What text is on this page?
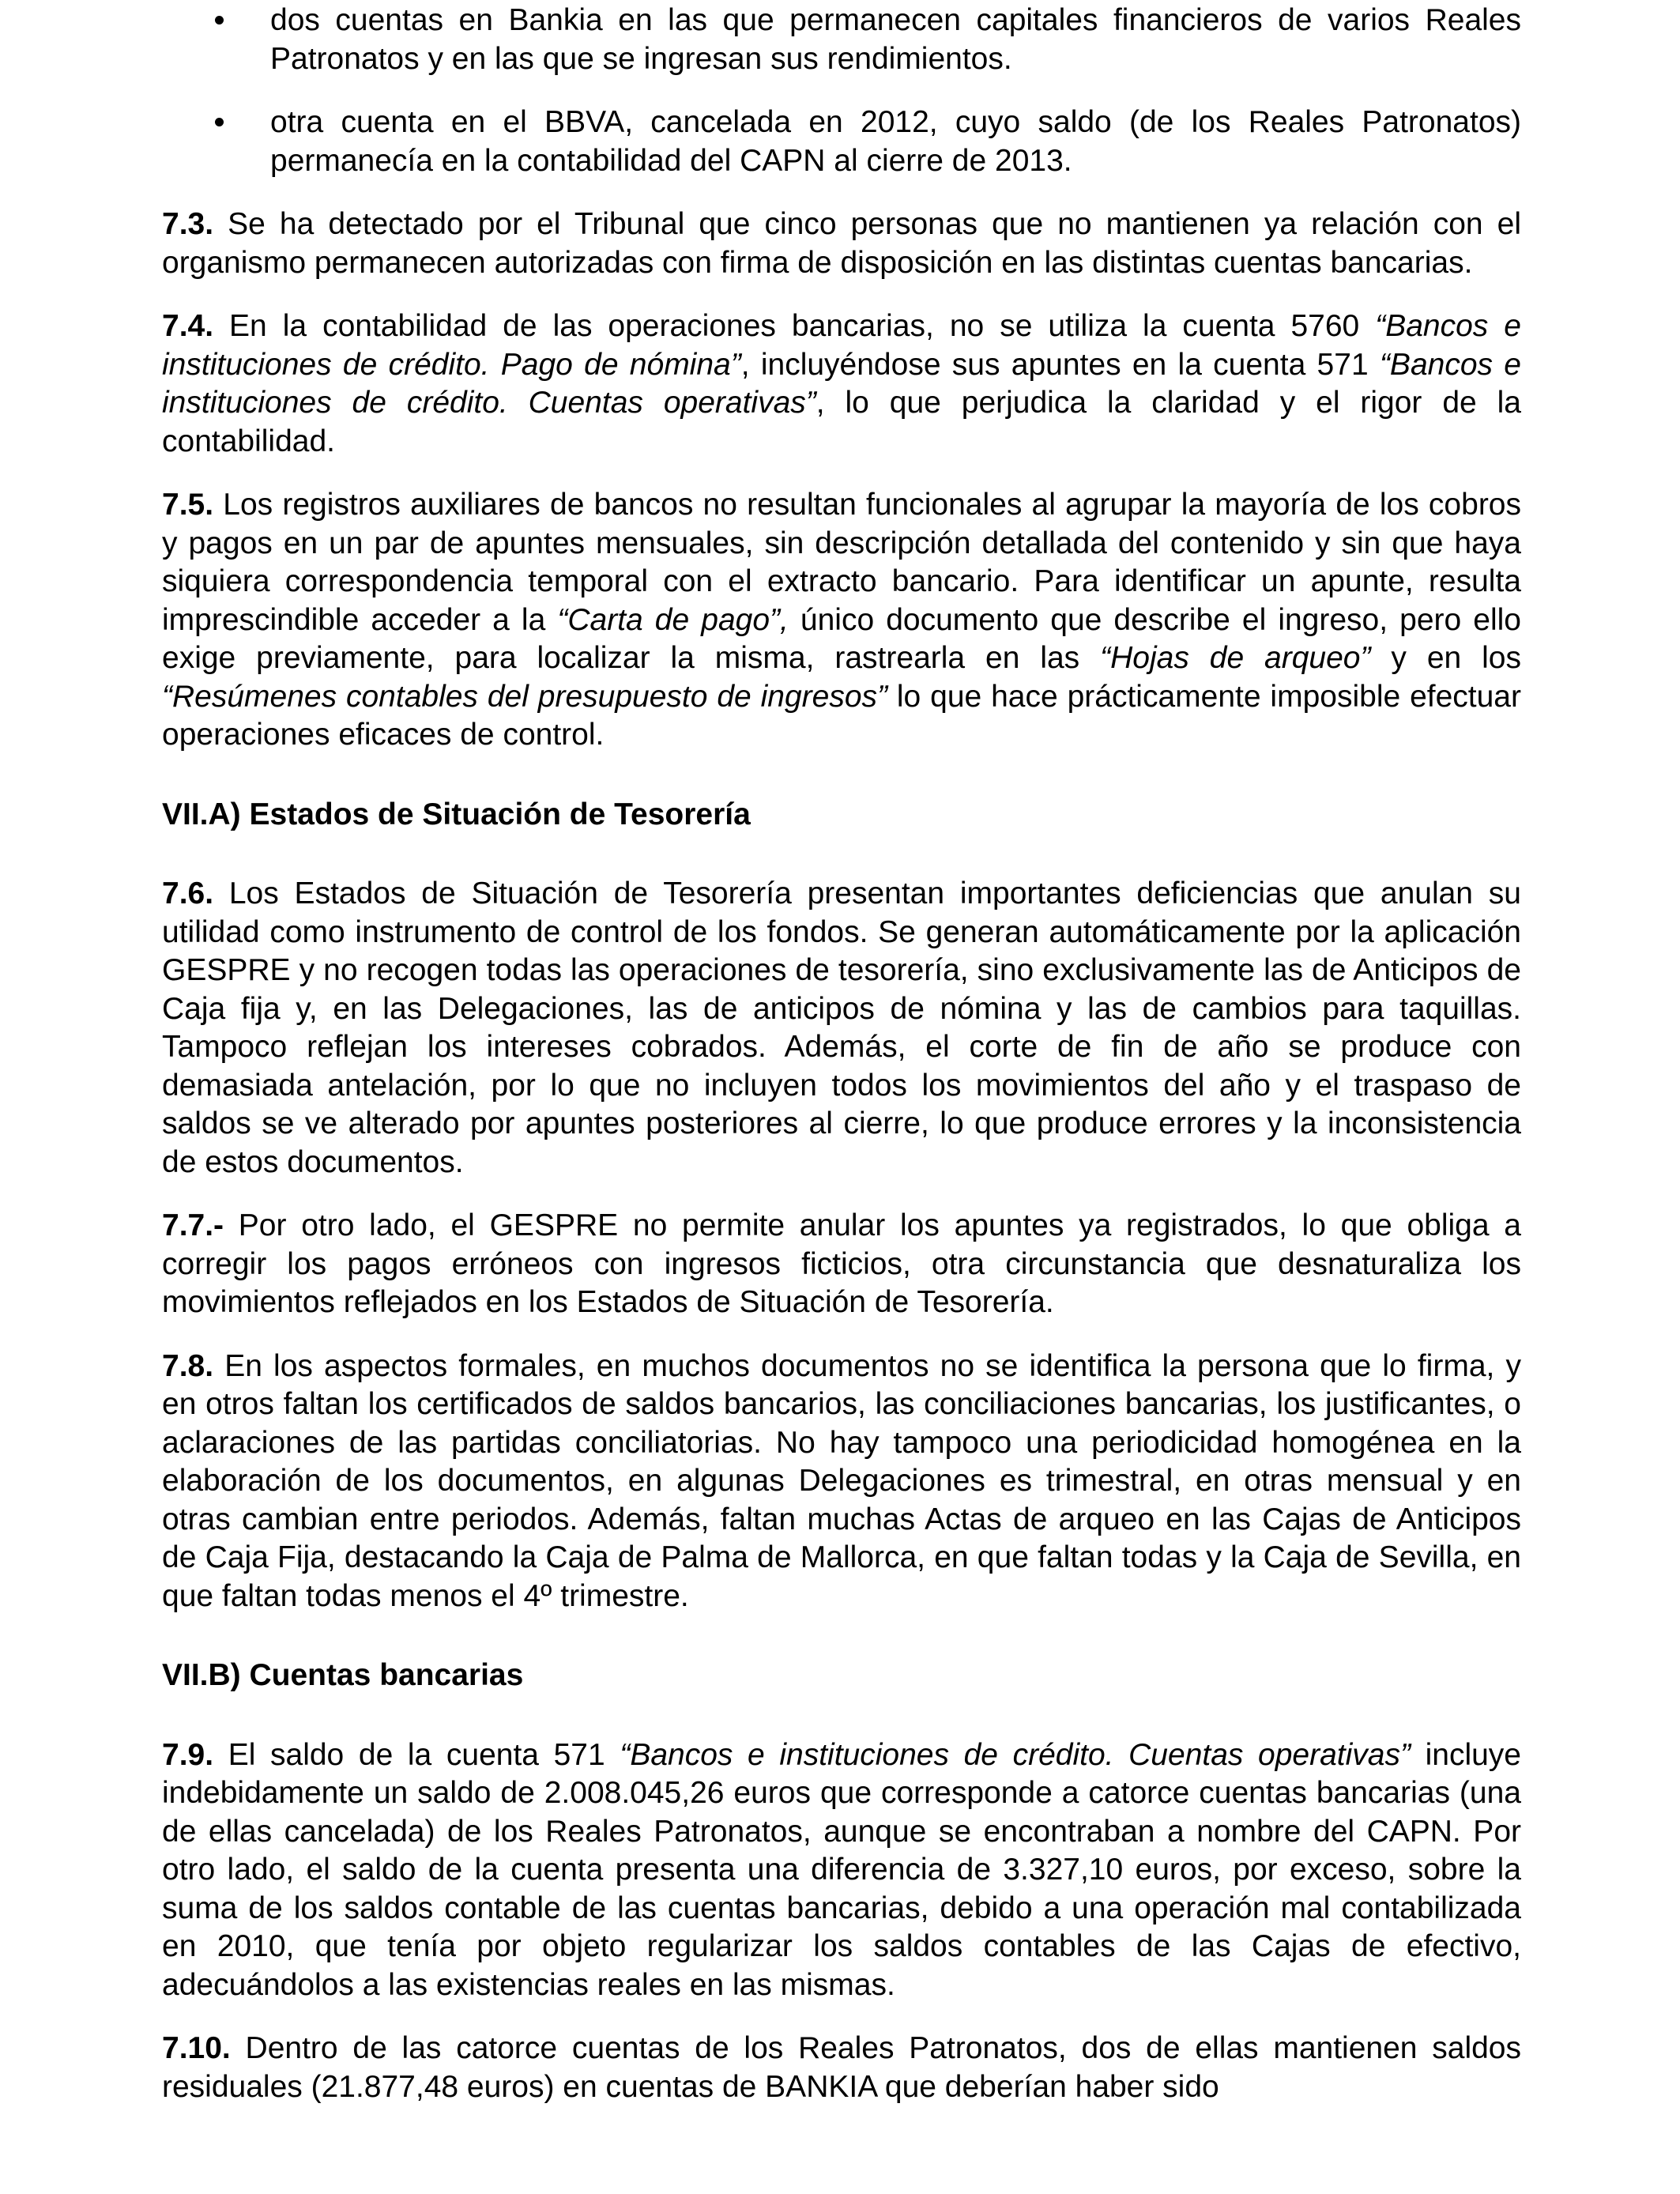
dos cuentas en Bankia en las que permanecen capitales financieros de varios Reales Patronatos y en las que se ingresan sus rendimientos.
otra cuenta en el BBVA, cancelada en 2012, cuyo saldo (de los Reales Patronatos) permanecía en la contabilidad del CAPN al cierre de 2013.

7.3. Se ha detectado por el Tribunal que cinco personas que no mantienen ya relación con el organismo permanecen autorizadas con firma de disposición en las distintas cuentas bancarias.

7.4. En la contabilidad de las operaciones bancarias, no se utiliza la cuenta 5760 “Bancos e instituciones de crédito. Pago de nómina”, incluyéndose sus apuntes en la cuenta 571 “Bancos e instituciones de crédito. Cuentas operativas”, lo que perjudica la claridad y el rigor de la contabilidad.

7.5. Los registros auxiliares de bancos no resultan funcionales al agrupar la mayoría de los cobros y pagos en un par de apuntes mensuales, sin descripción detallada del contenido y sin que haya siquiera correspondencia temporal con el extracto bancario. Para identificar un apunte, resulta imprescindible acceder a la “Carta de pago”, único documento que describe el ingreso, pero ello exige previamente, para localizar la misma, rastrearla en las “Hojas de arqueo” y en los “Resúmenes contables del presupuesto de ingresos” lo que hace prácticamente imposible efectuar operaciones eficaces de control.

VII.A) Estados de Situación de Tesorería

7.6. Los Estados de Situación de Tesorería presentan importantes deficiencias que anulan su utilidad como instrumento de control de los fondos. Se generan automáticamente por la aplicación GESPRE y no recogen todas las operaciones de tesorería, sino exclusivamente las de Anticipos de Caja fija y, en las Delegaciones, las de anticipos de nómina y las de cambios para taquillas. Tampoco reflejan los intereses cobrados. Además, el corte de fin de año se produce con demasiada antelación, por lo que no incluyen todos los movimientos del año y el traspaso de saldos se ve alterado por apuntes posteriores al cierre, lo que produce errores y la inconsistencia de estos documentos.

7.7.- Por otro lado, el GESPRE no permite anular los apuntes ya registrados, lo que obliga a corregir los pagos erróneos con ingresos ficticios, otra circunstancia que desnaturaliza los movimientos reflejados en los Estados de Situación de Tesorería.

7.8. En los aspectos formales, en muchos documentos no se identifica la persona que lo firma, y en otros faltan los certificados de saldos bancarios, las conciliaciones bancarias, los justificantes, o aclaraciones de las partidas conciliatorias. No hay tampoco una periodicidad homogénea en la elaboración de los documentos, en algunas Delegaciones es trimestral, en otras mensual y en otras cambian entre periodos. Además, faltan muchas Actas de arqueo en las Cajas de Anticipos de Caja Fija, destacando la Caja de Palma de Mallorca, en que faltan todas y la Caja de Sevilla, en que faltan todas menos el 4º trimestre.

VII.B) Cuentas bancarias

7.9. El saldo de la cuenta 571 “Bancos e instituciones de crédito. Cuentas operativas” incluye indebidamente un saldo de 2.008.045,26 euros que corresponde a catorce cuentas bancarias (una de ellas cancelada) de los Reales Patronatos, aunque se encontraban a nombre del CAPN. Por otro lado, el saldo de la cuenta presenta una diferencia de 3.327,10 euros, por exceso, sobre la suma de los saldos contable de las cuentas bancarias, debido a una operación mal contabilizada en 2010, que tenía por objeto regularizar los saldos contables de las Cajas de efectivo, adecuándolos a las existencias reales en las mismas.

7.10. Dentro de las catorce cuentas de los Reales Patronatos, dos de ellas mantienen saldos residuales (21.877,48 euros) en cuentas de BANKIA que deberían haber sido
